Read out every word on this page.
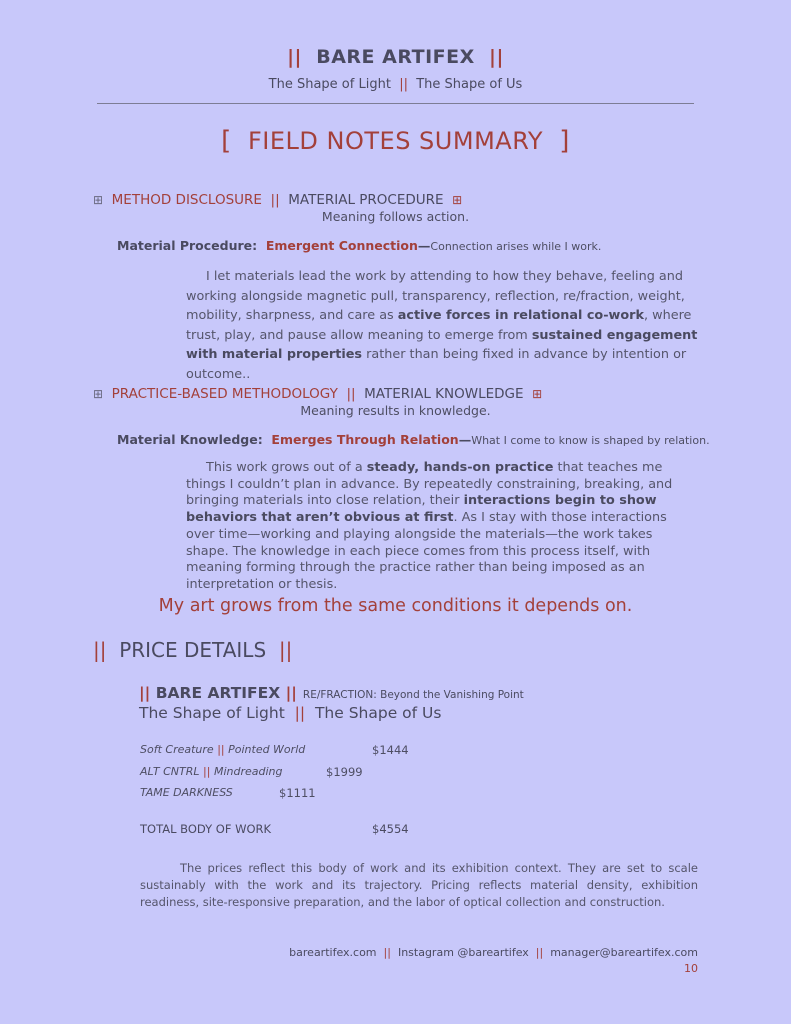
|| BARE ARTIFEX ||
The Shape of Light || The Shape of Us
[ FIELD NOTES SUMMARY ]
⊞ METHOD DISCLOSURE || MATERIAL PROCEDURE ⊞
Meaning follows action.
Material Procedure: Emergent Connection—Connection arises while I work.
I let materials lead the work by attending to how they behave, feeling and working alongside magnetic pull, transparency, reflection, re/fraction, weight, mobility, sharpness, and care as active forces in relational co-work, where trust, play, and pause allow meaning to emerge from sustained engagement with material properties rather than being fixed in advance by intention or outcome..
⊞ PRACTICE-BASED METHODOLOGY || MATERIAL KNOWLEDGE ⊞
Meaning results in knowledge.
Material Knowledge: Emerges Through Relation—What I come to know is shaped by relation.
This work grows out of a steady, hands-on practice that teaches me things I couldn’t plan in advance. By repeatedly constraining, breaking, and bringing materials into close relation, their interactions begin to show behaviors that aren’t obvious at first. As I stay with those interactions over time—working and playing alongside the materials—the work takes shape. The knowledge in each piece comes from this process itself, with meaning forming through the practice rather than being imposed as an interpretation or thesis.
My art grows from the same conditions it depends on.
|| PRICE DETAILS ||
|| BARE ARTIFEX || RE/FRACTION: Beyond the Vanishing Point
The Shape of Light || The Shape of Us
Soft Creature || Pointed World	$1444
ALT CNTRL || Mindreading	$1999
TAME DARKNESS	$1111
TOTAL BODY OF WORK	$4554
The prices reflect this body of work and its exhibition context. They are set to scale sustainably with the work and its trajectory. Pricing reflects material density, exhibition readiness, site-responsive preparation, and the labor of optical collection and construction.
bareartifex.com || Instagram @bareartifex || manager@bareartifex.com
10
